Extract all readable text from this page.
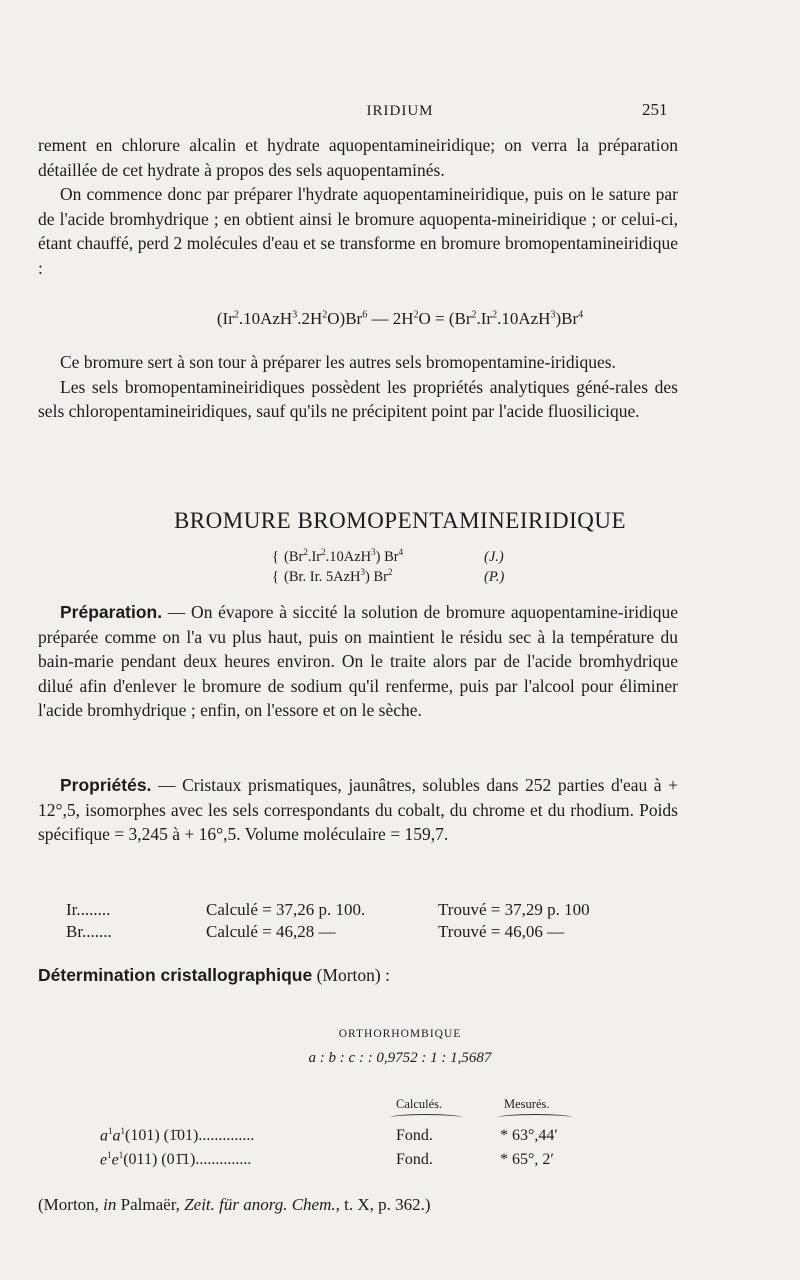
IRIDIUM	251

rement en chlorure alcalin et hydrate aquopentamineiridique; on verra la préparation détaillée de cet hydrate à propos des sels aquopentaminés.

On commence donc par préparer l'hydrate aquopentamineiridique, puis on le sature par de l'acide bromhydrique ; en obtient ainsi le bromure aquopenta-mineiridique ; or celui-ci, étant chauffé, perd 2 molécules d'eau et se transforme en bromure bromopentamineiridique :

$(Ir^2.10AzH^3.2H^2O)Br^6$ — $2H^2O = (Br^2.Ir^2.10AzH^3)Br^4$

Ce bromure sert à son tour à préparer les autres sels bromopentamine-iridiques.

Les sels bromopentamineiridiques possèdent les propriétés analytiques géné-rales des sels chloropentamineiridiques, sauf qu'ils ne précipitent point par l'acide fluosilicique.

BROMURE BROMOPENTAMINEIRIDIQUE
{ (Br$^2$.Ir$^2$.10AzH$^3$) Br$^4$	(J.)
{ (Br. Ir. 5AzH$^3$) Br$^2$	(P.)

Préparation. — On évapore à siccité la solution de bromure aquopentamine-iridique préparée comme on l'a vu plus haut, puis on maintient le résidu sec à la température du bain-marie pendant deux heures environ. On le traite alors par de l'acide bromhydrique dilué afin d'enlever le bromure de sodium qu'il renferme, puis par l'alcool pour éliminer l'acide bromhydrique ; enfin, on l'essore et on le sèche.

Propriétés. — Cristaux prismatiques, jaunâtres, solubles dans 252 parties d'eau à + 12°,5, isomorphes avec les sels correspondants du cobalt, du chrome et du rhodium. Poids spécifique = 3,245 à + 16°,5. Volume moléculaire = 159,7.

Ir........	Calculé = 37,26 p. 100.	Trouvé = 37,29 p. 100
Br.......	Calculé = 46,28 —	Trouvé = 46,06 —

Détermination cristallographique (Morton) :

ORTHORHOMBIQUE
a : b : c : : 0,9752 : 1 : 1,5687
Calculés.	Mesurés.
$a^1a^1(101)$ (1̄01)..............	Fond.	* 63°,44′
$e^1e^1(011)$ (01̄1)..............	Fond.	* 65°, 2′
(Morton, in Palmaër, Zeit. für anorg. Chem., t. X, p. 362.)
